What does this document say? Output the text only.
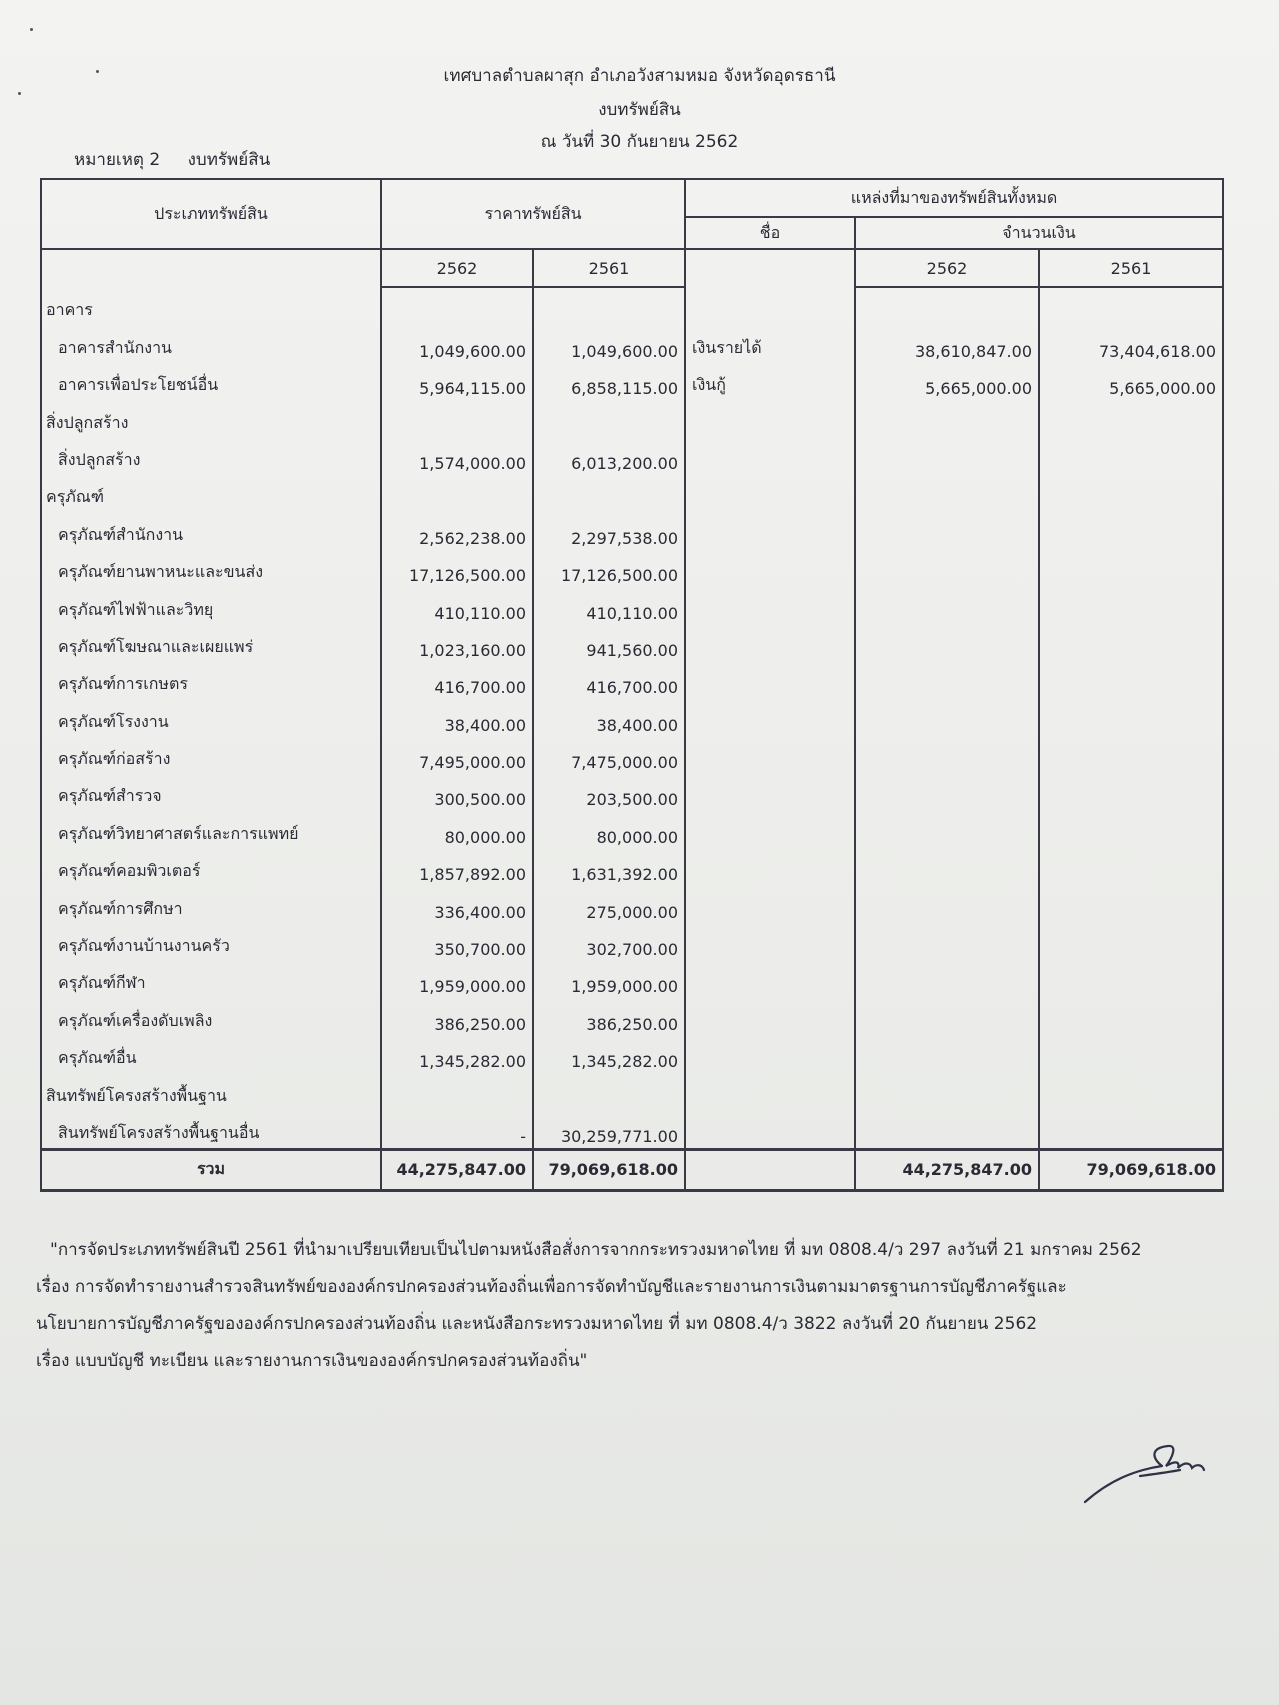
เทศบาลตำบลผาสุก อำเภอวังสามหมอ จังหวัดอุดรธานี
งบทรัพย์สิน
ณ วันที่ 30 กันยายน 2562
หมายเหตุ 2 งบทรัพย์สิน
ประเภททรัพย์สิน	ราคาทรัพย์สิน		แหล่งที่มาของทรัพย์สินทั้งหมด		
			ชื่อ	จำนวนเงิน	
	2562	2561		2562	2561
อาคาร					
อาคารสำนักงาน	1,049,600.00	1,049,600.00	เงินรายได้	38,610,847.00	73,404,618.00
อาคารเพื่อประโยชน์อื่น	5,964,115.00	6,858,115.00	เงินกู้	5,665,000.00	5,665,000.00
สิ่งปลูกสร้าง					
สิ่งปลูกสร้าง	1,574,000.00	6,013,200.00			
ครุภัณฑ์					
ครุภัณฑ์สำนักงาน	2,562,238.00	2,297,538.00			
ครุภัณฑ์ยานพาหนะและขนส่ง	17,126,500.00	17,126,500.00			
ครุภัณฑ์ไฟฟ้าและวิทยุ	410,110.00	410,110.00			
ครุภัณฑ์โฆษณาและเผยแพร่	1,023,160.00	941,560.00			
ครุภัณฑ์การเกษตร	416,700.00	416,700.00			
ครุภัณฑ์โรงงาน	38,400.00	38,400.00			
ครุภัณฑ์ก่อสร้าง	7,495,000.00	7,475,000.00			
ครุภัณฑ์สำรวจ	300,500.00	203,500.00			
ครุภัณฑ์วิทยาศาสตร์และการแพทย์	80,000.00	80,000.00			
ครุภัณฑ์คอมพิวเตอร์	1,857,892.00	1,631,392.00			
ครุภัณฑ์การศึกษา	336,400.00	275,000.00			
ครุภัณฑ์งานบ้านงานครัว	350,700.00	302,700.00			
ครุภัณฑ์กีฬา	1,959,000.00	1,959,000.00			
ครุภัณฑ์เครื่องดับเพลิง	386,250.00	386,250.00			
ครุภัณฑ์อื่น	1,345,282.00	1,345,282.00			
สินทรัพย์โครงสร้างพื้นฐาน					
สินทรัพย์โครงสร้างพื้นฐานอื่น	-	30,259,771.00			
รวม	44,275,847.00	79,069,618.00		44,275,847.00	79,069,618.00

"การจัดประเภททรัพย์สินปี 2561 ที่นำมาเปรียบเทียบเป็นไปตามหนังสือสั่งการจากกระทรวงมหาดไทย ที่ มท 0808.4/ว 297 ลงวันที่ 21 มกราคม 2562

เรื่อง การจัดทำรายงานสำรวจสินทรัพย์ขององค์กรปกครองส่วนท้องถิ่นเพื่อการจัดทำบัญชีและรายงานการเงินตามมาตรฐานการบัญชีภาครัฐและ

นโยบายการบัญชีภาครัฐขององค์กรปกครองส่วนท้องถิ่น และหนังสือกระทรวงมหาดไทย ที่ มท 0808.4/ว 3822 ลงวันที่ 20 กันยายน 2562

เรื่อง แบบบัญชี ทะเบียน และรายงานการเงินขององค์กรปกครองส่วนท้องถิ่น"
